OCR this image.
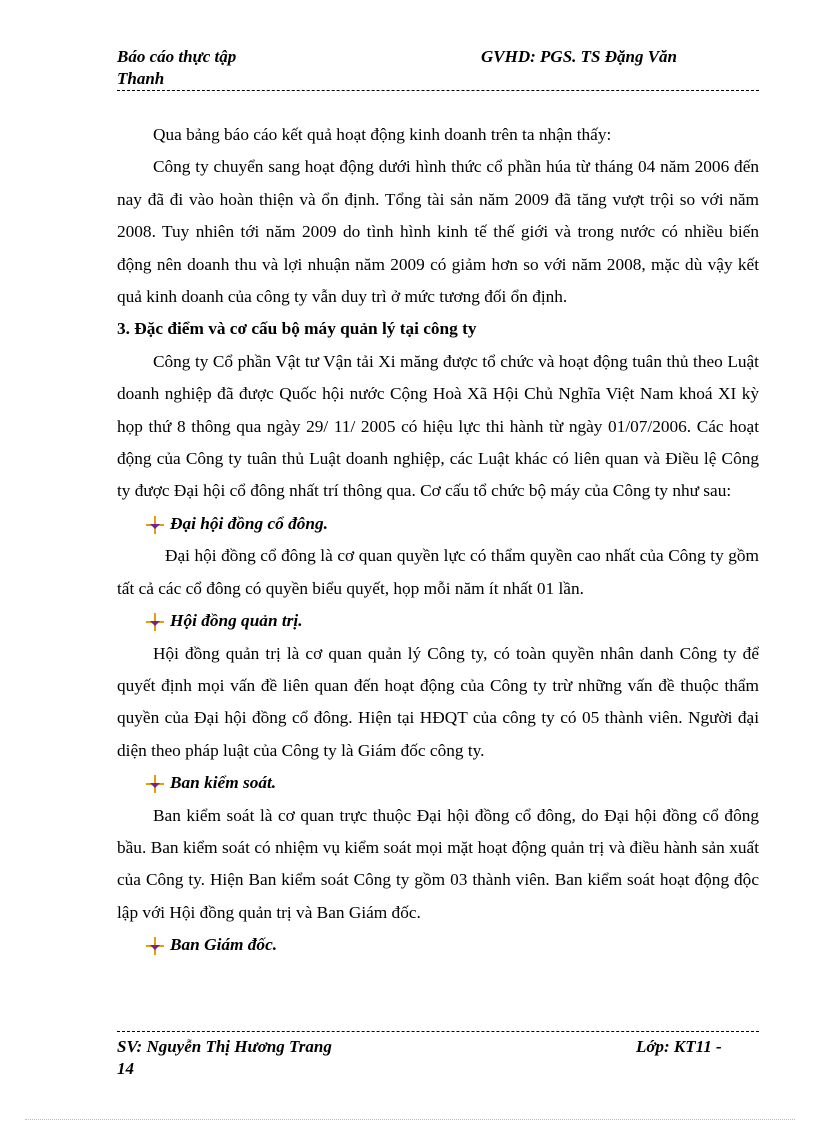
Báo cáo thực tập
Thanh
GVHD: PGS. TS Đặng Văn

Qua bảng báo cáo kết quả hoạt động kinh doanh trên ta nhận thấy:

Công ty chuyển sang hoạt động dưới hình thức cổ phần húa từ tháng 04 năm 2006 đến nay đã đi vào hoàn thiện và ổn định. Tổng tài sản năm 2009 đã tăng vượt trội so với năm 2008. Tuy nhiên tới năm 2009 do tình hình kinh tế thế giới và trong nước có nhiều biến động nên doanh thu và lợi nhuận năm 2009 có giảm hơn so với năm 2008, mặc dù vậy kết quả kinh doanh của công ty vẫn duy trì ở mức tương đối ổn định.

3. Đặc điểm và cơ cấu bộ máy quản lý tại công ty

Công ty Cổ phần Vật tư Vận tải Xi măng được tổ chức và hoạt động tuân thủ theo Luật doanh nghiệp đã được Quốc hội nước Cộng Hoà Xã Hội Chủ Nghĩa Việt Nam khoá XI kỳ họp thứ 8 thông qua ngày 29/ 11/ 2005 có hiệu lực thi hành từ ngày 01/07/2006. Các hoạt động của Công ty tuân thủ Luật doanh nghiệp, các Luật khác có liên quan và Điều lệ Công ty được Đại hội cổ đông nhất trí thông qua. Cơ cấu tổ chức bộ máy của Công ty như sau:

Đại hội đồng cổ đông.

Đại hội đồng cổ đông là cơ quan quyền lực có thẩm quyền cao nhất của Công ty gồm tất cả các cổ đông có quyền biểu quyết, họp mỗi năm ít nhất 01 lần.

Hội đồng quản trị.

Hội đồng quản trị là cơ quan quản lý Công ty, có toàn quyền nhân danh Công ty để quyết định mọi vấn đề liên quan đến hoạt động của Công ty trừ những vấn đề thuộc thẩm quyền của Đại hội đồng cổ đông. Hiện tại HĐQT của công ty có 05 thành viên. Người đại diện theo pháp luật của Công ty là Giám đốc công ty.

Ban kiểm soát.

Ban kiểm soát là cơ quan trực thuộc Đại hội đồng cổ đông, do Đại hội đồng cổ đông bầu. Ban kiểm soát có nhiệm vụ kiểm soát mọi mặt hoạt động quản trị và điều hành sản xuất của Công ty. Hiện Ban kiểm soát Công ty gồm 03 thành viên. Ban kiểm soát hoạt động độc lập với Hội đồng quản trị và Ban Giám đốc.

Ban Giám đốc.

SV: Nguyễn Thị Hương Trang
14
Lớp: KT11 -
